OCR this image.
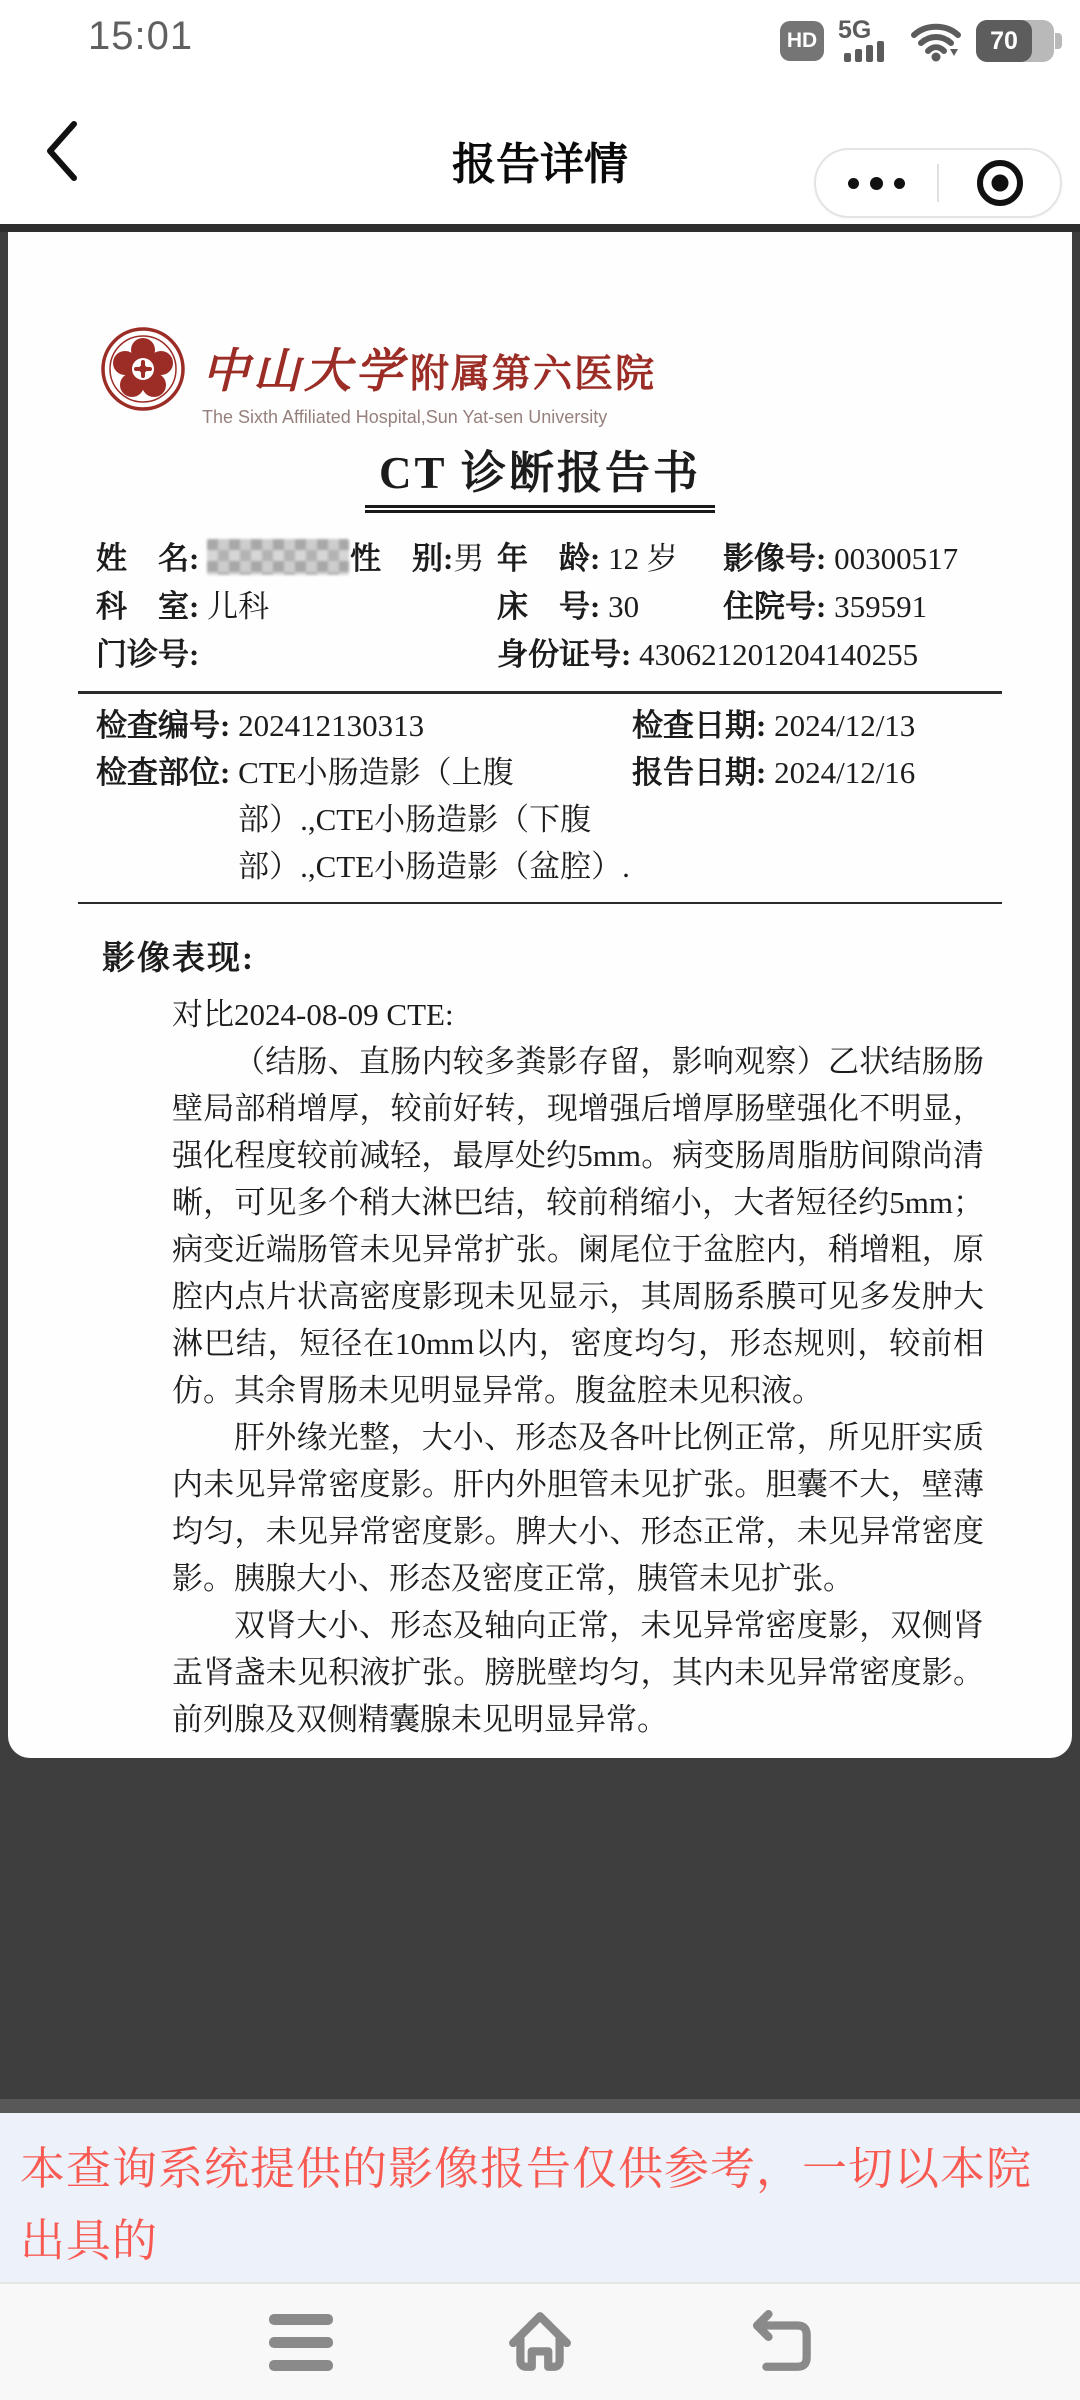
15:01	HD 5G	70
报告详情
中山大学 附属第六医院
The Sixth Affiliated Hospital,Sun Yat-sen University
CT 诊断报告书
姓　名:	性　别:男 年　龄: 12 岁	影像号: 00300517
科　室: 儿科	床　号: 30	住院号: 359591
门诊号:	身份证号: 430621201204140255
检查编号: 202412130313	检查日期: 2024/12/13
检查部位:
CTE小肠造影（上腹部）.,CTE小肠造影（下腹部）.,CTE小肠造影（盆腔）.
报告日期: 2024/12/16
影像表现:

对比2024-08-09 CTE:

（结肠、直肠内较多粪影存留，影响观察）乙状结肠肠壁局部稍增厚，较前好转，现增强后增厚肠壁强化不明显，强化程度较前减轻，最厚处约5mm。病变肠周脂肪间隙尚清晰，可见多个稍大淋巴结，较前稍缩小，大者短径约5mm；病变近端肠管未见异常扩张。阑尾位于盆腔内，稍增粗，原腔内点片状高密度影现未见显示，其周肠系膜可见多发肿大淋巴结，短径在10mm以内，密度均匀，形态规则，较前相仿。其余胃肠未见明显异常。腹盆腔未见积液。

肝外缘光整，大小、形态及各叶比例正常，所见肝实质内未见异常密度影。肝内外胆管未见扩张。胆囊不大，壁薄均匀，未见异常密度影。脾大小、形态正常，未见异常密度影。胰腺大小、形态及密度正常，胰管未见扩张。

双肾大小、形态及轴向正常，未见异常密度影，双侧肾盂肾盏未见积液扩张。膀胱壁均匀，其内未见异常密度影。前列腺及双侧精囊腺未见明显异常。

本查询系统提供的影像报告仅供参考，一切以本院出具的
